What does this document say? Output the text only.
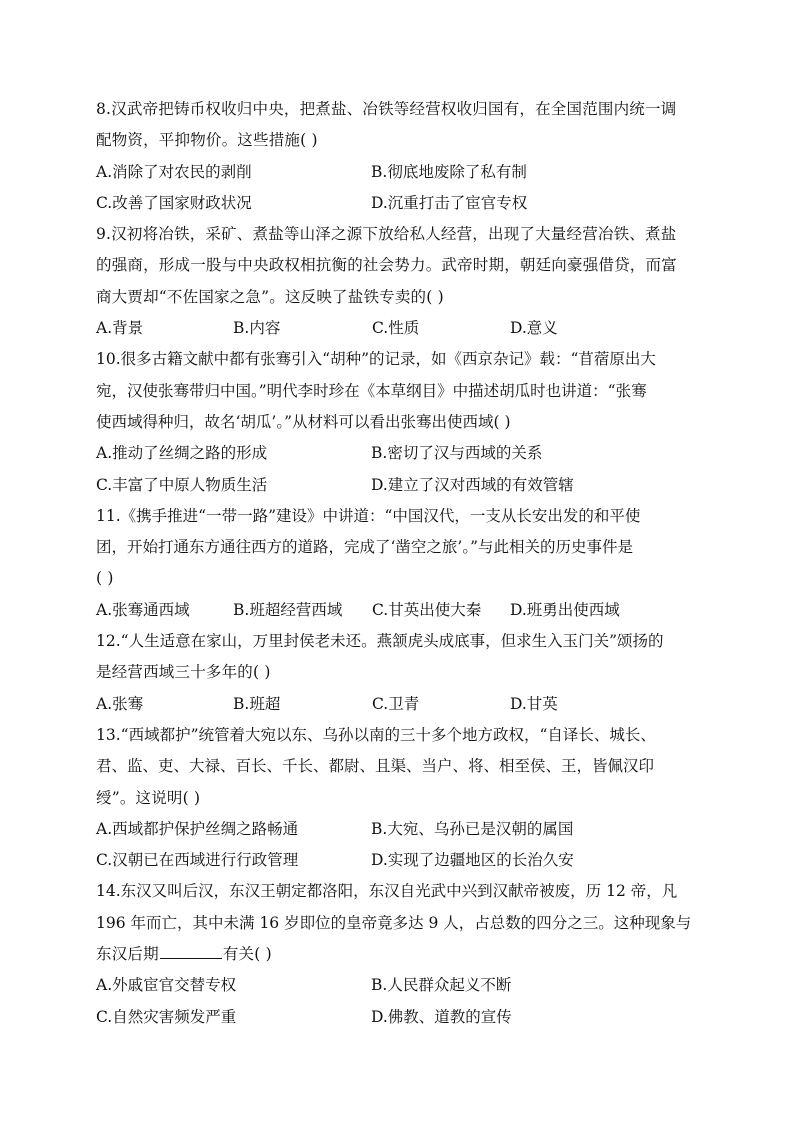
8.汉武帝把铸币权收归中央，把煮盐、冶铁等经营权收归国有，在全国范围内统一调
配物资，平抑物价。这些措施( )
A.消除了对农民的剥削	B.彻底地废除了私有制
C.改善了国家财政状况	D.沉重打击了宦官专权
9.汉初将冶铁，采矿、煮盐等山泽之源下放给私人经营，出现了大量经营冶铁、煮盐
的强商，形成一股与中央政权相抗衡的社会势力。武帝时期，朝廷向豪强借贷，而富
商大贾却“不佐国家之急”。这反映了盐铁专卖的( )
A.背景	B.内容	C.性质	D.意义
10.很多古籍文献中都有张骞引入“胡种”的记录，如《西京杂记》载：“苜蓿原出大
宛，汉使张骞带归中国。”明代李时珍在《本草纲目》中描述胡瓜时也讲道：“张骞
使西域得种归，故名‘胡瓜’。”从材料可以看出张骞出使西域( )
A.推动了丝绸之路的形成	B.密切了汉与西域的关系
C.丰富了中原人物质生活	D.建立了汉对西域的有效管辖
11.《携手推进“一带一路”建设》中讲道：“中国汉代，一支从长安出发的和平使
团，开始打通东方通往西方的道路，完成了‘凿空之旅’。”与此相关的历史事件是
( )
A.张骞通西域	B.班超经营西域 C.甘英出使大秦 D.班勇出使西域
12.“人生适意在家山，万里封侯老未还。燕颔虎头成底事，但求生入玉门关”颂扬的
是经营西域三十多年的( )
A.张骞	B.班超	C.卫青	D.甘英
13.“西域都护”统管着大宛以东、乌孙以南的三十多个地方政权，“自译长、城长、
君、监、吏、大禄、百长、千长、都尉、且渠、当户、将、相至侯、王，皆佩汉印
绶”。这说明( )
A.西域都护保护丝绸之路畅通	B.大宛、乌孙已是汉朝的属国
C.汉朝已在西域进行行政管理	D.实现了边疆地区的长治久安
14.东汉又叫后汉，东汉王朝定都洛阳，东汉自光武中兴到汉献帝被废，历 12 帝，凡
196 年而亡，其中未满 16 岁即位的皇帝竟多达 9 人，占总数的四分之三。这种现象与
东汉后期	有关( )
A.外戚宦官交替专权	B.人民群众起义不断
C.自然灾害频发严重	D.佛教、道教的宣传
